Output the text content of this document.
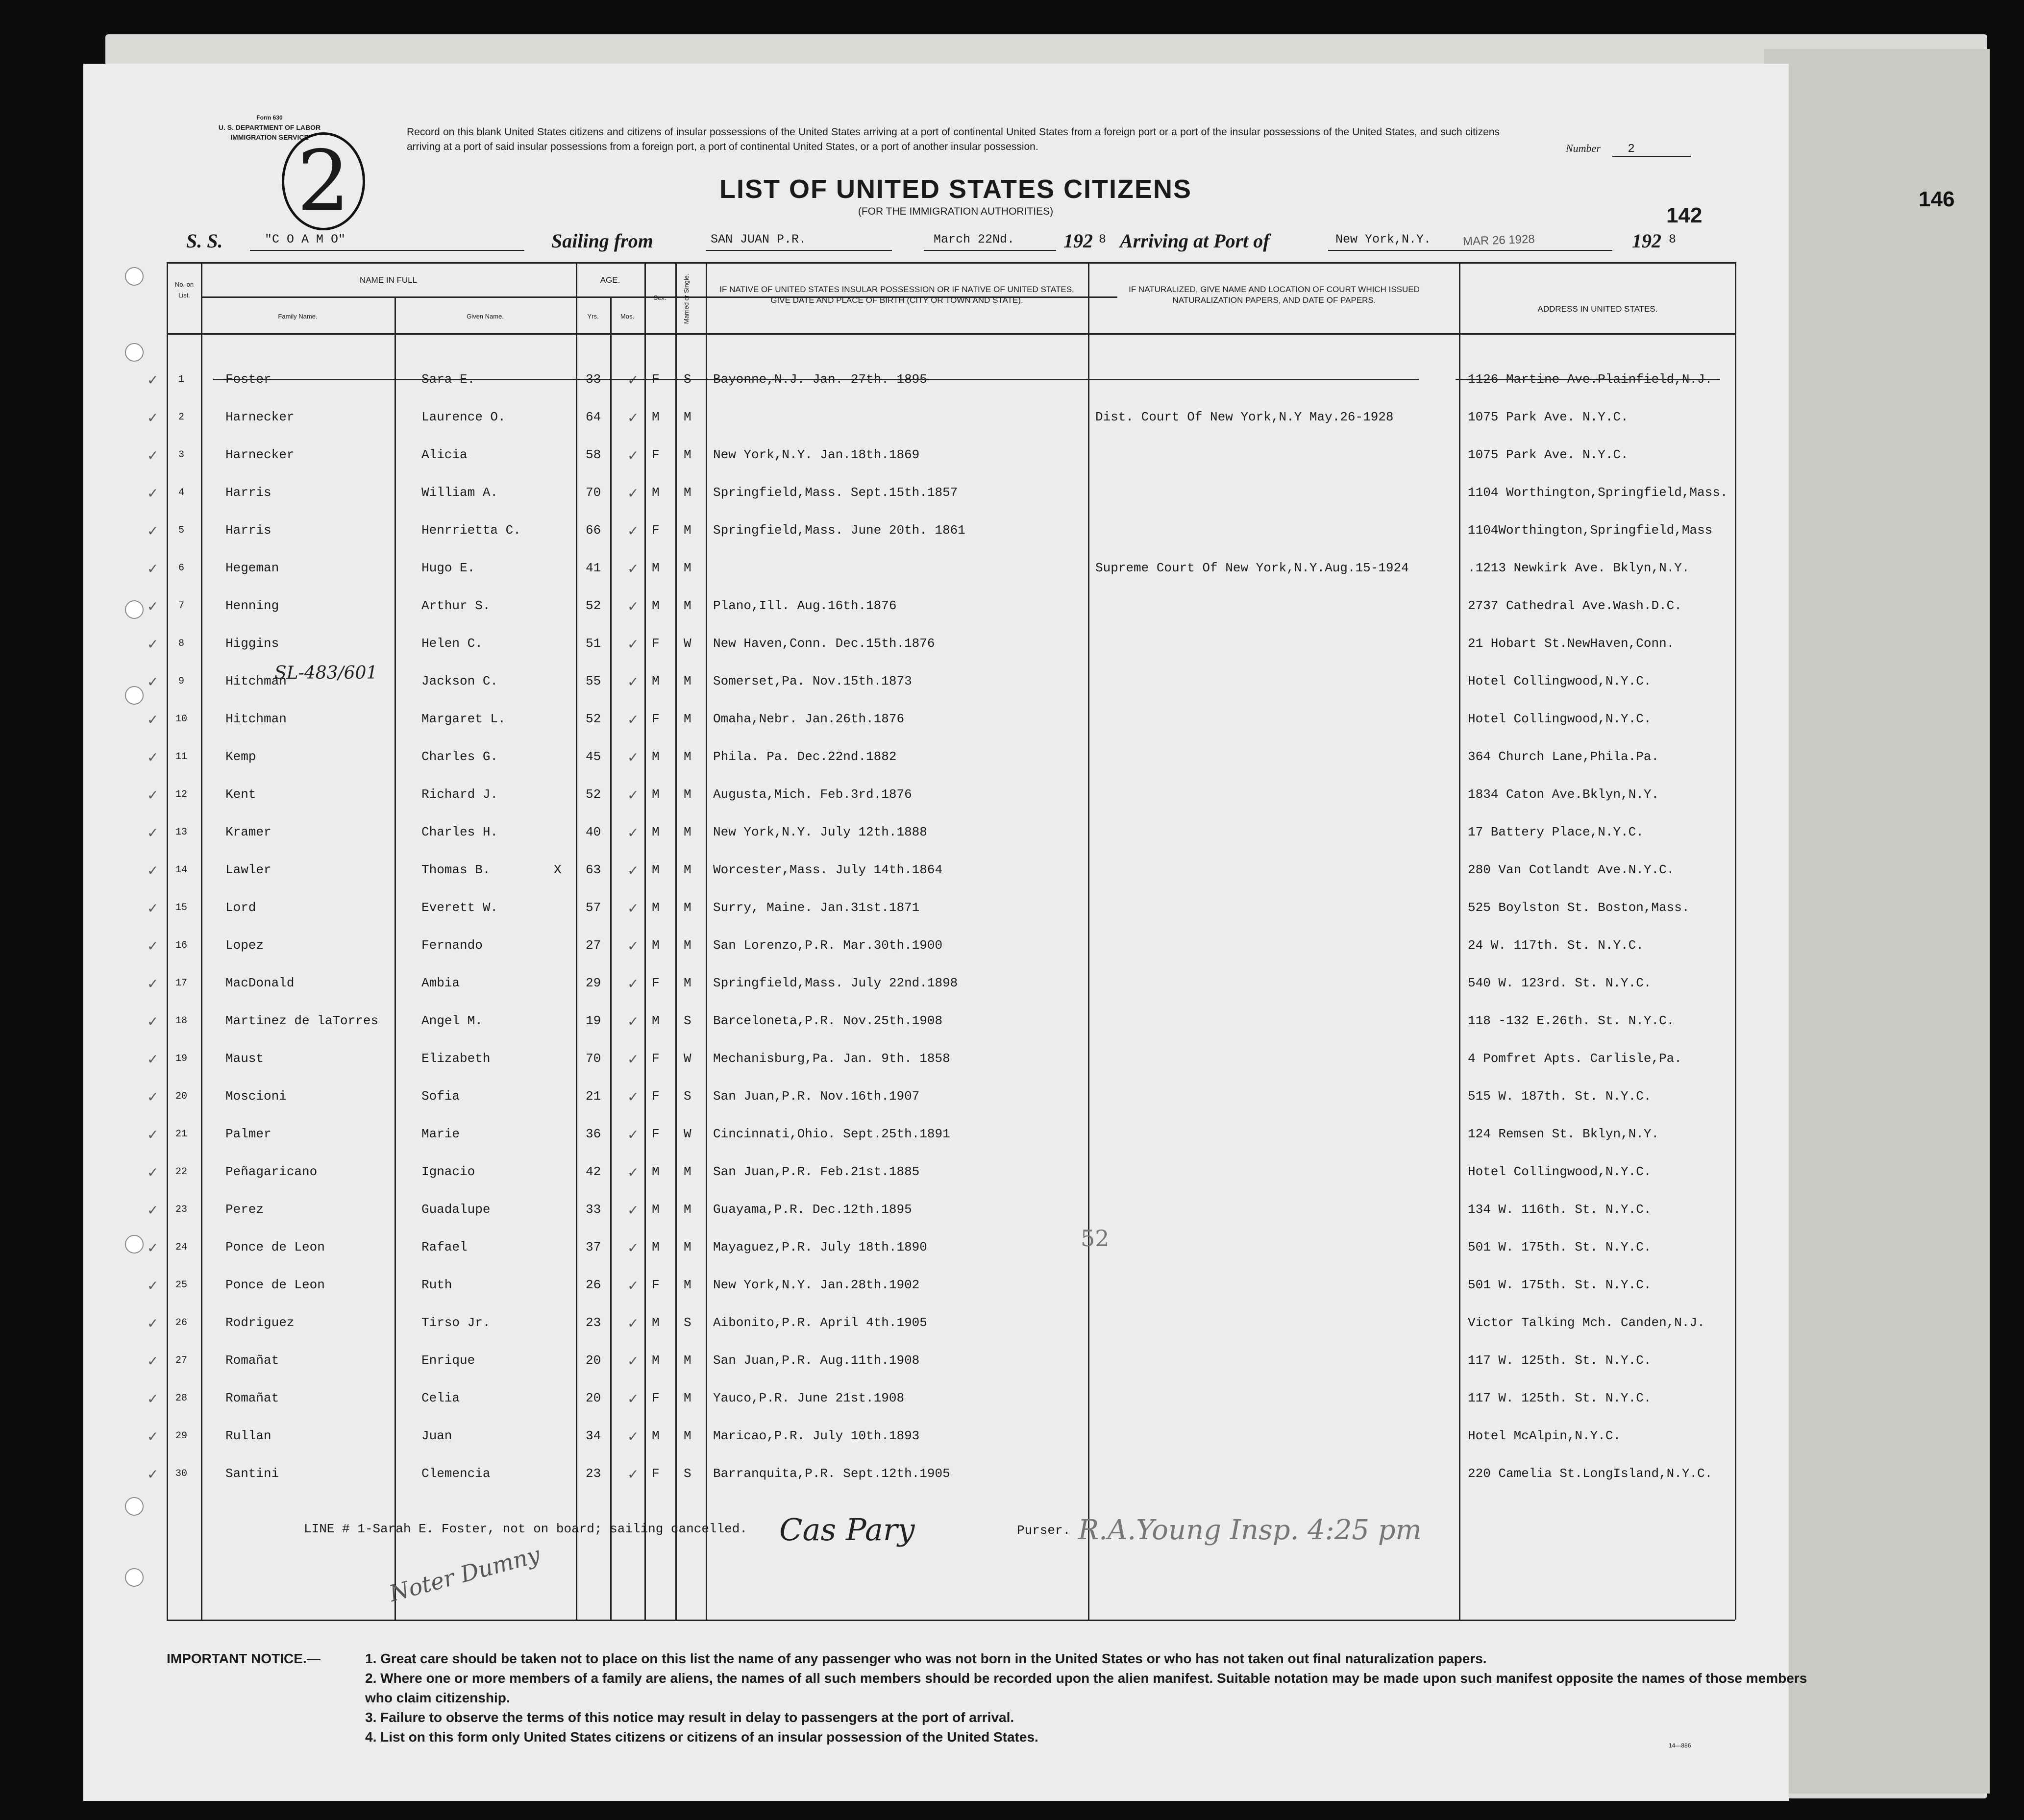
146
Form 630
U. S. DEPARTMENT OF LABOR
IMMIGRATION SERVICE
2
Record on this blank United States citizens and citizens of insular possessions of the United States arriving at a port of continental United States from a foreign port or a port of the insular possessions of the United States, and such citizens arriving at a port of said insular possessions from a foreign port, a port of continental United States, or a port of another insular possession.	Number 2
LIST OF UNITED STATES CITIZENS
(FOR THE IMMIGRATION AUTHORITIES)	142
S. S.	"C O A M O"	Sailing from	SAN JUAN P.R.	March 22Nd. 192 8 Arriving at Port of	New York,N.Y.	192 8
MAR 26 1928
No. on List.
NAME IN FULL
Family Name.	Given Name.
AGE.
Yrs.	Mos.
Sex.	Married or Single.	IF NATIVE OF UNITED STATES INSULAR POSSESSION OR IF NATIVE OF UNITED STATES, GIVE DATE AND PLACE OF BIRTH (CITY OR TOWN AND STATE).
IF NATURALIZED, GIVE NAME AND LOCATION OF COURT WHICH ISSUED NATURALIZATION PAPERS, AND DATE OF PAPERS.
ADDRESS IN UNITED STATES.
1	Foster	Sara E.	33	F S Bayonne,N.J. Jan. 27th. 1895	1126 Martine Ave.Plainfield,N.J.
✓	✓
2	Harnecker	Laurence O.	64	M M	Dist. Court Of New York,N.Y May.26-1928	1075 Park Ave. N.Y.C.
✓	✓
3	Harnecker	Alicia	58	F M New York,N.Y. Jan.18th.1869	1075 Park Ave. N.Y.C.
✓	✓
4	Harris	William A.	70	M M Springfield,Mass. Sept.15th.1857	1104 Worthington,Springfield,Mass.
✓	✓
5	Harris	Henrrietta C.	66	F M Springfield,Mass. June 20th. 1861	1104Worthington,Springfield,Mass
✓	✓
6	Hegeman	Hugo E.	41	M M	Supreme Court Of New York,N.Y.Aug.15-1924	.1213 Newkirk Ave. Bklyn,N.Y.
✓	✓
7	Henning	Arthur S.	52	M M Plano,Ill. Aug.16th.1876	2737 Cathedral Ave.Wash.D.C.
✓	✓
8	Higgins	Helen C.	51	F W New Haven,Conn. Dec.15th.1876	21 Hobart St.NewHaven,Conn.
✓	✓
9	Hitchman	Jackson C.	55	M M Somerset,Pa. Nov.15th.1873	Hotel Collingwood,N.Y.C.
✓	✓
10	Hitchman	Margaret L.	52	F M Omaha,Nebr. Jan.26th.1876	Hotel Collingwood,N.Y.C.
✓	✓
11	Kemp	Charles G.	45	M M Phila. Pa. Dec.22nd.1882	364 Church Lane,Phila.Pa.
✓	✓
12	Kent	Richard J.	52	M M Augusta,Mich. Feb.3rd.1876	1834 Caton Ave.Bklyn,N.Y.
✓	✓
13	Kramer	Charles H.	40	M M New York,N.Y. July 12th.1888	17 Battery Place,N.Y.C.
✓	✓
14	Lawler	Thomas B.	63	M M Worcester,Mass. July 14th.1864	280 Van Cotlandt Ave.N.Y.C.
✓	✓
X
15	Lord	Everett W.	57	M M Surry, Maine. Jan.31st.1871	525 Boylston St. Boston,Mass.
✓	✓
16	Lopez	Fernando	27	M M San Lorenzo,P.R. Mar.30th.1900	24 W. 117th. St. N.Y.C.
✓	✓
17	MacDonald	Ambia	29	F M Springfield,Mass. July 22nd.1898	540 W. 123rd. St. N.Y.C.
✓	✓
18	Martinez de laTorres	Angel M.	19	M S Barceloneta,P.R. Nov.25th.1908	118 -132 E.26th. St. N.Y.C.
✓	✓
19	Maust	Elizabeth	70	F W Mechanisburg,Pa. Jan. 9th. 1858	4 Pomfret Apts. Carlisle,Pa.
✓	✓
20	Moscioni	Sofia	21	F S San Juan,P.R. Nov.16th.1907	515 W. 187th. St. N.Y.C.
✓	✓
21	Palmer	Marie	36	F W Cincinnati,Ohio. Sept.25th.1891	124 Remsen St. Bklyn,N.Y.
✓	✓
22	Peñagaricano	Ignacio	42	M M San Juan,P.R. Feb.21st.1885	Hotel Collingwood,N.Y.C.
✓	✓
23	Perez	Guadalupe	33	M M Guayama,P.R. Dec.12th.1895	134 W. 116th. St. N.Y.C.
✓	✓
24	Ponce de Leon	Rafael	37	M M Mayaguez,P.R. July 18th.1890	501 W. 175th. St. N.Y.C.
✓	✓
25	Ponce de Leon	Ruth	26	F M New York,N.Y. Jan.28th.1902	501 W. 175th. St. N.Y.C.
✓	✓
26	Rodriguez	Tirso Jr.	23	M S Aibonito,P.R. April 4th.1905	Victor Talking Mch. Canden,N.J.
✓	✓
27	Romañat	Enrique	20	M M San Juan,P.R. Aug.11th.1908	117 W. 125th. St. N.Y.C.
✓	✓
28	Romañat	Celia	20	F M Yauco,P.R. June 21st.1908	117 W. 125th. St. N.Y.C.
✓	✓
29	Rullan	Juan	34	M M Maricao,P.R. July 10th.1893	Hotel McAlpin,N.Y.C.
✓	✓
30	Santini	Clemencia	23	F S Barranquita,P.R. Sept.12th.1905	220 Camelia St.LongIsland,N.Y.C.
✓	✓
SL-483/601
52
LINE # 1-Sarah E. Foster, not on board; sailing cancelled. Cas Pary	Purser. R.A.Young Insp. 4:25 pm
Noter Dumny
IMPORTANT NOTICE.—	1. Great care should be taken not to place on this list the name of any passenger who was not born in the United States or who has not taken out final naturalization papers.
2. Where one or more members of a family are aliens, the names of all such members should be recorded upon the alien manifest. Suitable notation may be made upon such manifest opposite the names of those members who claim citizenship.
3. Failure to observe the terms of this notice may result in delay to passengers at the port of arrival.
4. List on this form only United States citizens or citizens of an insular possession of the United States.
14—886
